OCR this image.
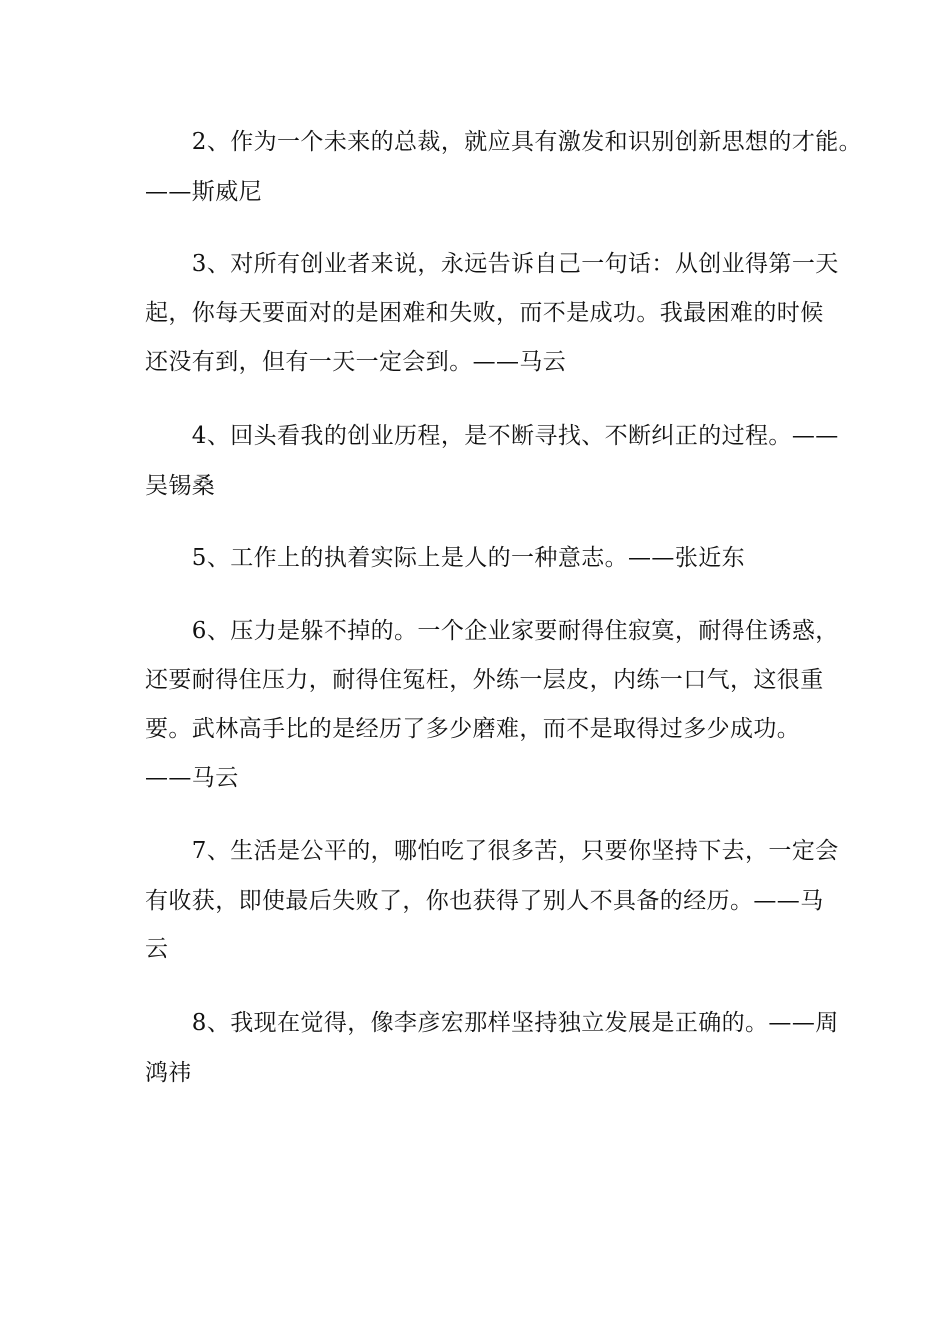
　　2、作为一个未来的总裁，就应具有激发和识别创新思想的才能。
——斯威尼
　　3、对所有创业者来说，永远告诉自己一句话：从创业得第一天
起，你每天要面对的是困难和失败，而不是成功。我最困难的时候
还没有到，但有一天一定会到。——马云
　　4、回头看我的创业历程，是不断寻找、不断纠正的过程。——
吴锡桑
　　5、工作上的执着实际上是人的一种意志。——张近东
　　6、压力是躲不掉的。一个企业家要耐得住寂寞，耐得住诱惑，
还要耐得住压力，耐得住冤枉，外练一层皮，内练一口气，这很重
要。武林高手比的是经历了多少磨难，而不是取得过多少成功。
——马云
　　7、生活是公平的，哪怕吃了很多苦，只要你坚持下去，一定会
有收获，即使最后失败了，你也获得了别人不具备的经历。——马
云
　　8、我现在觉得，像李彦宏那样坚持独立发展是正确的。——周
鸿祎
